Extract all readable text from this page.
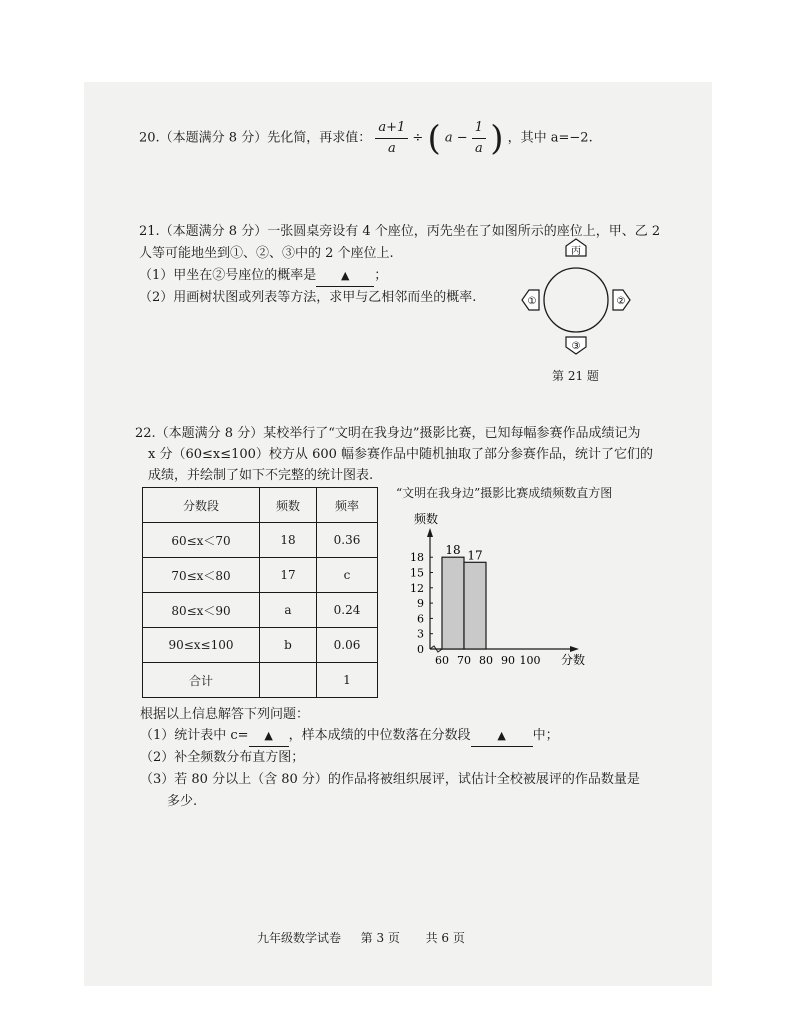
20.（本题满分 8 分）先化简，再求值： $\frac{a+1}{a}$ ÷ ( $a - \frac{1}{a}$ ) ，其中 a=−2.
21.（本题满分 8 分）一张圆桌旁设有 4 个座位，丙先坐在了如图所示的座位上，甲、乙 2
人等可能地坐到①、②、③中的 2 个座位上.
（1）甲坐在②号座位的概率是 ▲ ；
（2）用画树状图或列表等方法，求甲与乙相邻而坐的概率.
丙
①	②
③
第 21 题
22.（本题满分 8 分）某校举行了“文明在我身边”摄影比赛，已知每幅参赛作品成绩记为
x 分（60≤x≤100）校方从 600 幅参赛作品中随机抽取了部分参赛作品，统计了它们的
成绩，并绘制了如下不完整的统计图表.
分数段	频数	频率
60≤x＜70	18	0.36
70≤x＜80	17	c
80≤x＜90	a	0.24
90≤x≤100	b	0.06
合计		1
“文明在我身边”摄影比赛成绩频数直方图
频数
0
3
6
9
12
15
18
18 17
60 70 80 90 100 分数
根据以上信息解答下列问题：
（1）统计表中 c= ▲ ，样本成绩的中位数落在分数段 ▲ 中；
（2）补全频数分布直方图；
（3）若 80 分以上（含 80 分）的作品将被组织展评，试估计全校被展评的作品数量是
多少.
九年级数学试卷 第 3 页 共 6 页
